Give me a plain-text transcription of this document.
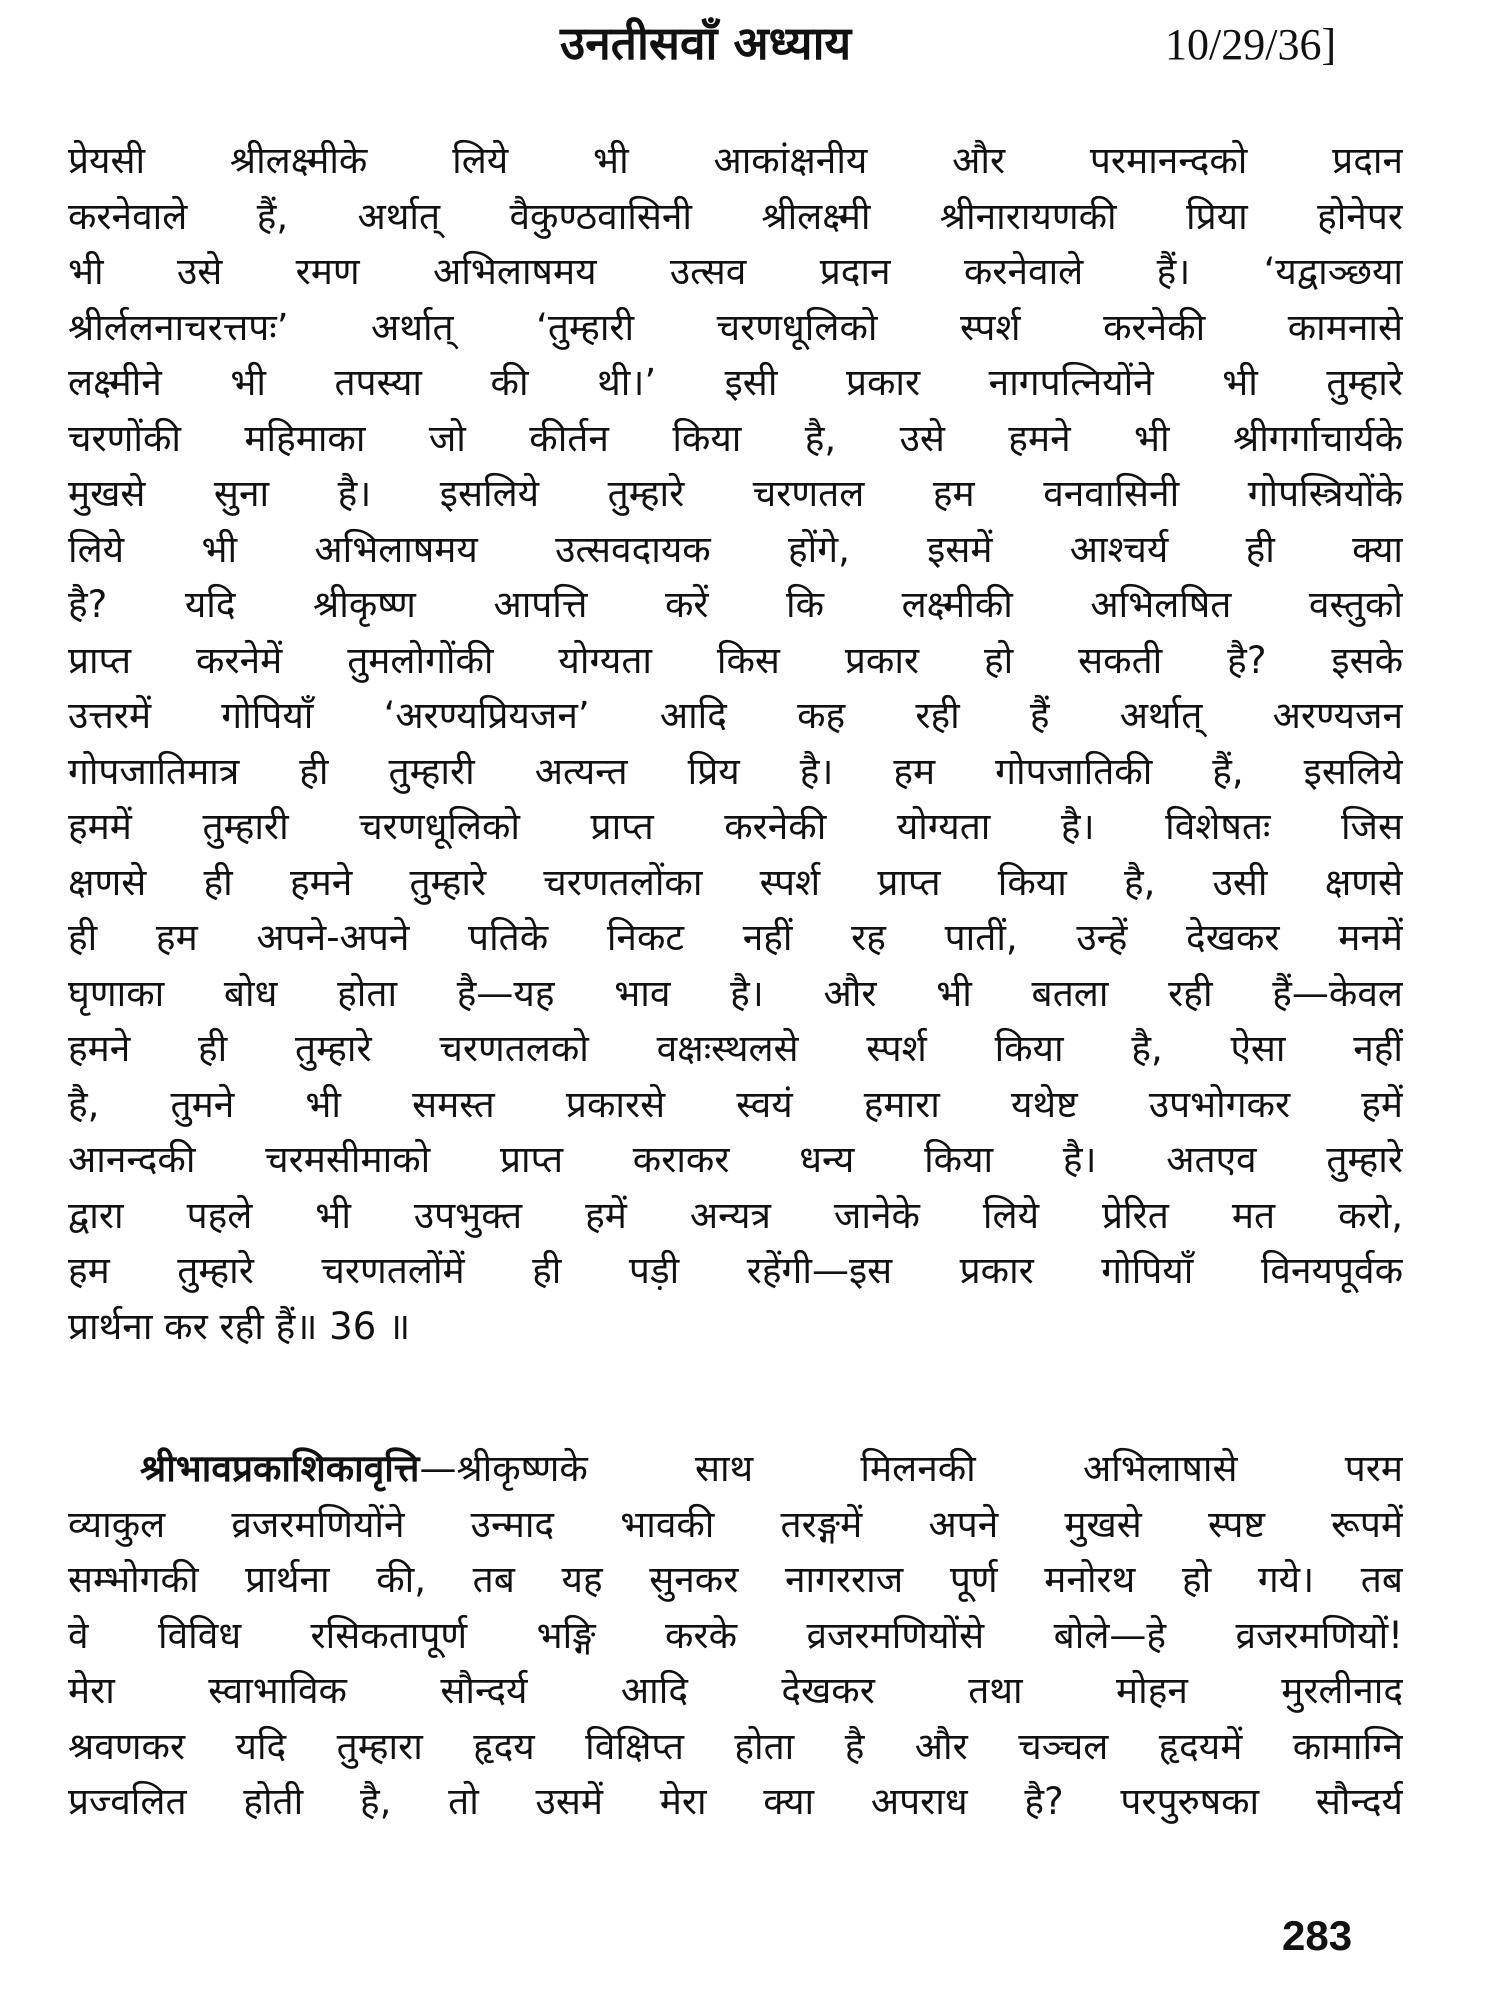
उनतीसवाँ अध्याय	10/29/36]
प्रेयसी श्रीलक्ष्मीके लिये भी आकांक्षनीय और परमानन्दको प्रदान
करनेवाले हैं, अर्थात् वैकुण्ठवासिनी श्रीलक्ष्मी श्रीनारायणकी प्रिया होनेपर
भी उसे रमण अभिलाषमय उत्सव प्रदान करनेवाले हैं। ‘यद्वाञ्छया
श्रीर्ललनाचरत्तपः’ अर्थात् ‘तुम्हारी चरणधूलिको स्पर्श करनेकी कामनासे
लक्ष्मीने भी तपस्या की थी।’ इसी प्रकार नागपत्नियोंने भी तुम्हारे
चरणोंकी महिमाका जो कीर्तन किया है, उसे हमने भी श्रीगर्गाचार्यके
मुखसे सुना है। इसलिये तुम्हारे चरणतल हम वनवासिनी गोपस्त्रियोंके
लिये भी अभिलाषमय उत्सवदायक होंगे, इसमें आश्चर्य ही क्या
है? यदि श्रीकृष्ण आपत्ति करें कि लक्ष्मीकी अभिलषित वस्तुको
प्राप्त करनेमें तुमलोगोंकी योग्यता किस प्रकार हो सकती है? इसके
उत्तरमें गोपियाँ ‘अरण्यप्रियजन’ आदि कह रही हैं अर्थात् अरण्यजन
गोपजातिमात्र ही तुम्हारी अत्यन्त प्रिय है। हम गोपजातिकी हैं, इसलिये
हममें तुम्हारी चरणधूलिको प्राप्त करनेकी योग्यता है। विशेषतः जिस
क्षणसे ही हमने तुम्हारे चरणतलोंका स्पर्श प्राप्त किया है, उसी क्षणसे
ही हम अपने-अपने पतिके निकट नहीं रह पातीं, उन्हें देखकर मनमें
घृणाका बोध होता है—यह भाव है। और भी बतला रही हैं—केवल
हमने ही तुम्हारे चरणतलको वक्षःस्थलसे स्पर्श किया है, ऐसा नहीं
है, तुमने भी समस्त प्रकारसे स्वयं हमारा यथेष्ट उपभोगकर हमें
आनन्दकी चरमसीमाको प्राप्त कराकर धन्य किया है। अतएव तुम्हारे
द्वारा पहले भी उपभुक्त हमें अन्यत्र जानेके लिये प्रेरित मत करो,
हम तुम्हारे चरणतलोंमें ही पड़ी रहेंगी—इस प्रकार गोपियाँ विनयपूर्वक
प्रार्थना कर रही हैं॥ 36 ॥
श्रीभावप्रकाशिकावृत्ति—श्रीकृष्णके साथ मिलनकी अभिलाषासे परम
व्याकुल व्रजरमणियोंने उन्माद भावकी तरङ्गमें अपने मुखसे स्पष्ट रूपमें
सम्भोगकी प्रार्थना की, तब यह सुनकर नागरराज पूर्ण मनोरथ हो गये। तब
वे विविध रसिकतापूर्ण भङ्गि करके व्रजरमणियोंसे बोले—हे व्रजरमणियों!
मेरा स्वाभाविक सौन्दर्य आदि देखकर तथा मोहन मुरलीनाद
श्रवणकर यदि तुम्हारा हृदय विक्षिप्त होता है और चञ्चल हृदयमें कामाग्नि
प्रज्वलित होती है, तो उसमें मेरा क्या अपराध है? परपुरुषका सौन्दर्य
283
